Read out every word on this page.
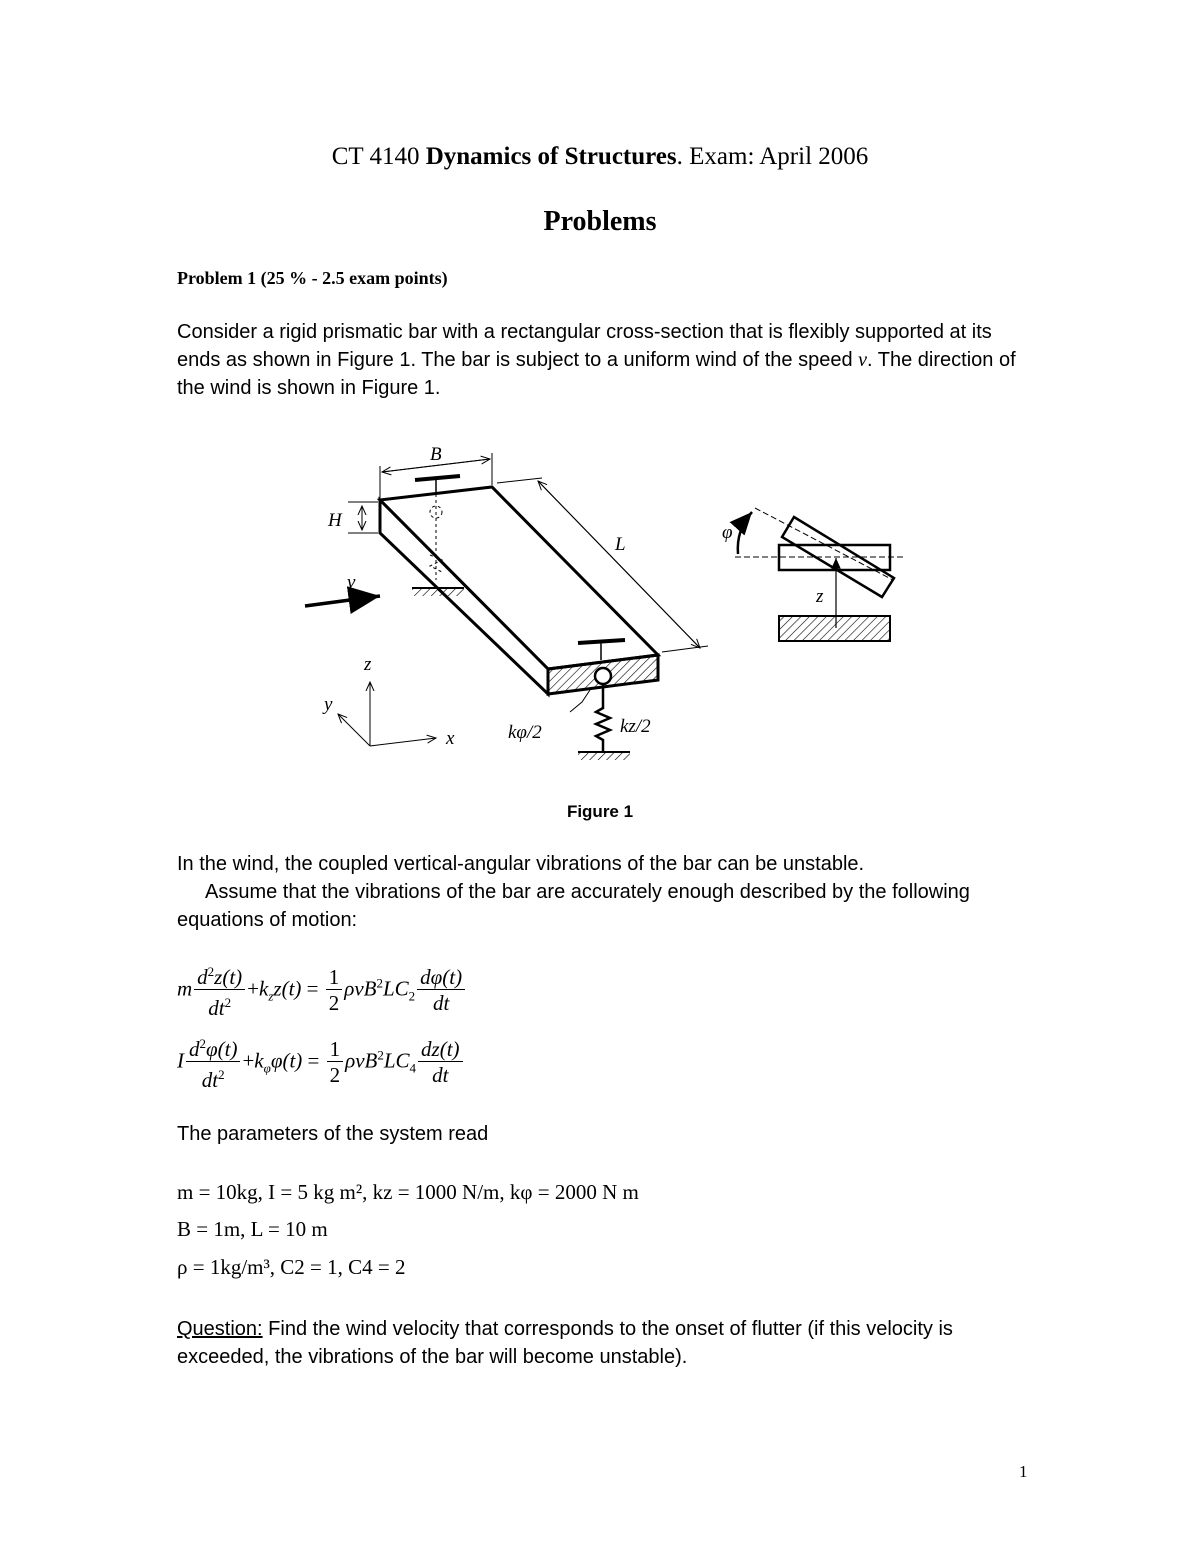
CT 4140 Dynamics of Structures. Exam: April 2006
Problems
Problem 1 (25 % - 2.5 exam points)
Consider a rigid prismatic bar with a rectangular cross-section that is flexibly supported at its ends as shown in Figure 1. The bar is subject to a uniform wind of the speed v. The direction of the wind is shown in Figure 1.
B
H
L
v
z
y
x	kφ/2	kz/2
φ
z
Figure 1
In the wind, the coupled vertical-angular vibrations of the bar can be unstable.
Assume that the vibrations of the bar are accurately enough described by the following equations of motion:
m $\frac{d^2z(t)}{dt^2} +k_zz(t) = \frac{1}{2} \rho vB^2LC_2 \frac{d\varphi(t)}{dt}$
I $\frac{d^2\varphi(t)}{dt^2} +k_\varphi\varphi(t) = \frac{1}{2} \rho vB^2LC_4 \frac{dz(t)}{dt}$
The parameters of the system read
m = 10kg, I = 5 kg m², kz = 1000 N/m, kφ = 2000 N m
B = 1m, L = 10 m
ρ = 1kg/m³, C2 = 1, C4 = 2
Question: Find the wind velocity that corresponds to the onset of flutter (if this velocity is exceeded, the vibrations of the bar will become unstable).
1
